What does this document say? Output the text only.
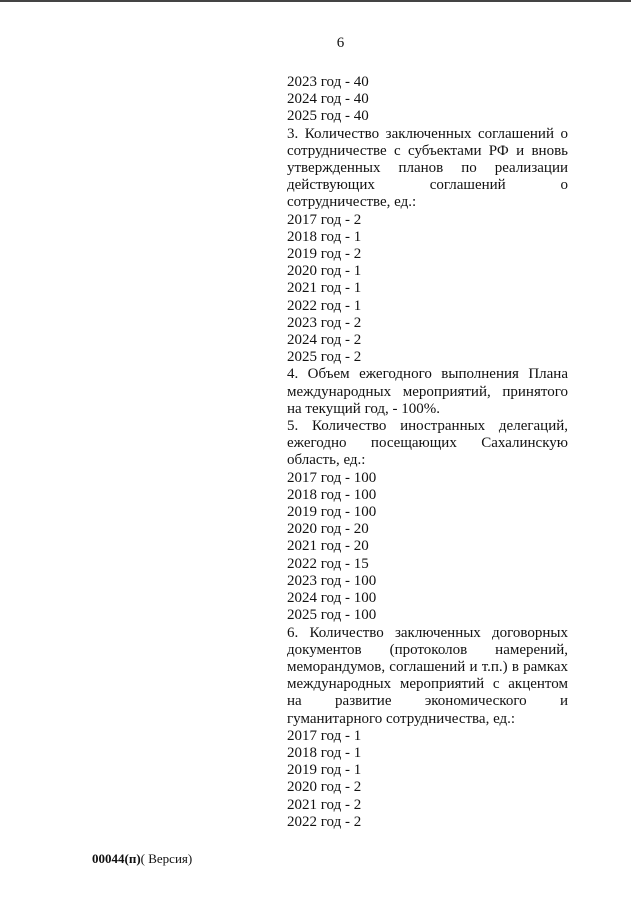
6
2023 год - 40
2024 год - 40
2025 год - 40
3. Количество заключенных соглашений о
сотрудничестве с субъектами РФ и вновь
утвержденных планов по реализации
действующих соглашений о
сотрудничестве, ед.:
2017 год - 2
2018 год - 1
2019 год - 2
2020 год - 1
2021 год - 1
2022 год - 1
2023 год - 2
2024 год - 2
2025 год - 2
4. Объем ежегодного выполнения Плана
международных мероприятий, принятого
на текущий год, - 100%.
5. Количество иностранных делегаций,
ежегодно посещающих Сахалинскую
область, ед.:
2017 год - 100
2018 год - 100
2019 год - 100
2020 год - 20
2021 год - 20
2022 год - 15
2023 год - 100
2024 год - 100
2025 год - 100
6. Количество заключенных договорных
документов (протоколов намерений,
меморандумов, соглашений и т.п.) в рамках
международных мероприятий с акцентом
на развитие экономического и
гуманитарного сотрудничества, ед.:
2017 год - 1
2018 год - 1
2019 год - 1
2020 год - 2
2021 год - 2
2022 год - 2
00044(п)( Версия)
